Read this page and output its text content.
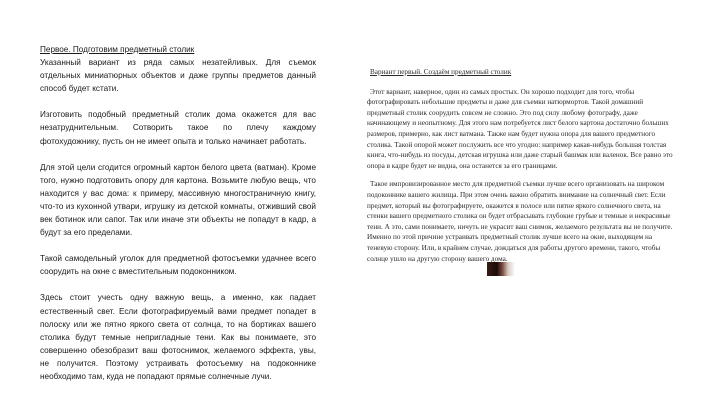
Первое. Подготовим предметный столик

Указанный вариант из ряда самых незатейливых. Для съемок отдельных миниатюрных объектов и даже группы предметов данный способ будет кстати.

Изготовить подобный предметный столик дома окажется для вас незатруднительным. Сотворить такое по плечу каждому фотохудожнику, пусть он не имеет опыта и только начинает работать.

Для этой цели сгодится огромный картон белого цвета (ватман). Кроме того, нужно подготовить опору для картона. Возьмите любую вещь, что находится у вас дома: к примеру, массивную многостраничную книгу, что-то из кухонной утвари, игрушку из детской комнаты, отживший свой век ботинок или сапог. Так или иначе эти объекты не попадут в кадр, а будут за его пределами.

Такой самодельный уголок для предметной фотосъемки удачнее всего соорудить на окне с вместительным подоконником.

Здесь стоит учесть одну важную вещь, а именно, как падает естественный свет. Если фотографируемый вами предмет попадет в полоску или же пятно яркого света от солнца, то на бортиках вашего столика будут темные непригладные тени. Как вы понимаете, это совершенно обезобразит ваш фотоснимок, желаемого эффекта, увы, не получится. Поэтому устраивать фотосъемку на подоконнике необходимо там, куда не попадают прямые солнечные лучи.

Вариант первый. Создаём предметный столик

Этот вариант, наверное, один из самых простых. Он хорошо подходит для того, чтобы фотографировать небольшие предметы и даже для съемки натюрмортов. Такой домашний предметный столик соорудить совсем не сложно. Это под силу любому фотографу, даже начинающему и неопытному. Для этого нам потребуется лист белого картона достаточно больших размеров, примерно, как лист ватмана. Также нам будет нужна опора для вашего предметного столика. Такой опорой может послужить все что угодно: например какая-нибудь большая толстая книга, что-нибудь из посуды, детская игрушка или даже старый башмак или валенок. Все равно это опора в кадре будет не видна, она останется за его границами.

Такое импровизированное место для предметной съемки лучше всего организовать на широком подоконнике вашего жилища. При этом очень важно обратить внимание на солнечный свет. Если предмет, который вы фотографируете, окажется в полосе или пятне яркого солнечного света, на стенки вашего предметного столика он будет отбрасывать глубокие грубые и темные и некрасивые тени. А это, сами понимаете, ничуть не украсит ваш снимок, желаемого результата вы не получите. Именно по этой причине устраивать предметный столик лучше всего на окне, выходящем на теневую сторону. Или, в крайнем случае, дождаться для работы другого времени, такого, чтобы солнце ушло на другую сторону вашего дома.
